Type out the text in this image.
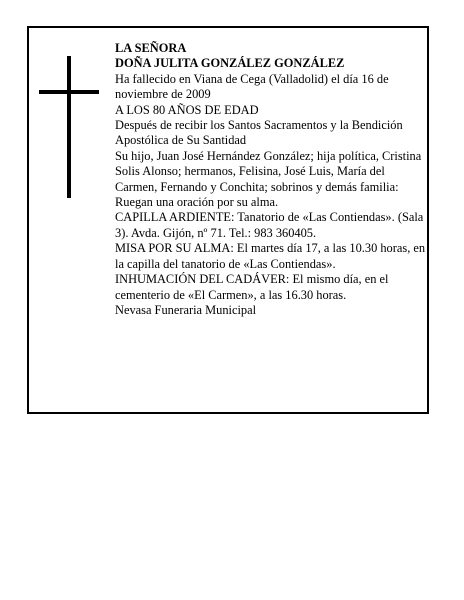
LA SEÑORA

DOÑA JULITA GONZÁLEZ GONZÁLEZ

Ha fallecido en Viana de Cega (Valladolid) el día 16 de noviembre de 2009

A LOS 80 AÑOS DE EDAD

Después de recibir los Santos Sacramentos y la Bendición Apostólica de Su Santidad

Su hijo, Juan José Hernández González; hija política, Cristina Solis Alonso; hermanos, Felisina, José Luis, María del Carmen, Fernando y Conchita; sobrinos y demás familia:

Ruegan una oración por su alma.

CAPILLA ARDIENTE: Tanatorio de «Las Contiendas». (Sala 3). Avda. Gijón, nº 71. Tel.: 983 360405.

MISA POR SU ALMA: El martes día 17, a las 10.30 horas, en la capilla del tanatorio de «Las Contiendas».

INHUMACIÓN DEL CADÁVER: El mismo día, en el cementerio de «El Carmen», a las 16.30 horas.

Nevasa Funeraria Municipal
